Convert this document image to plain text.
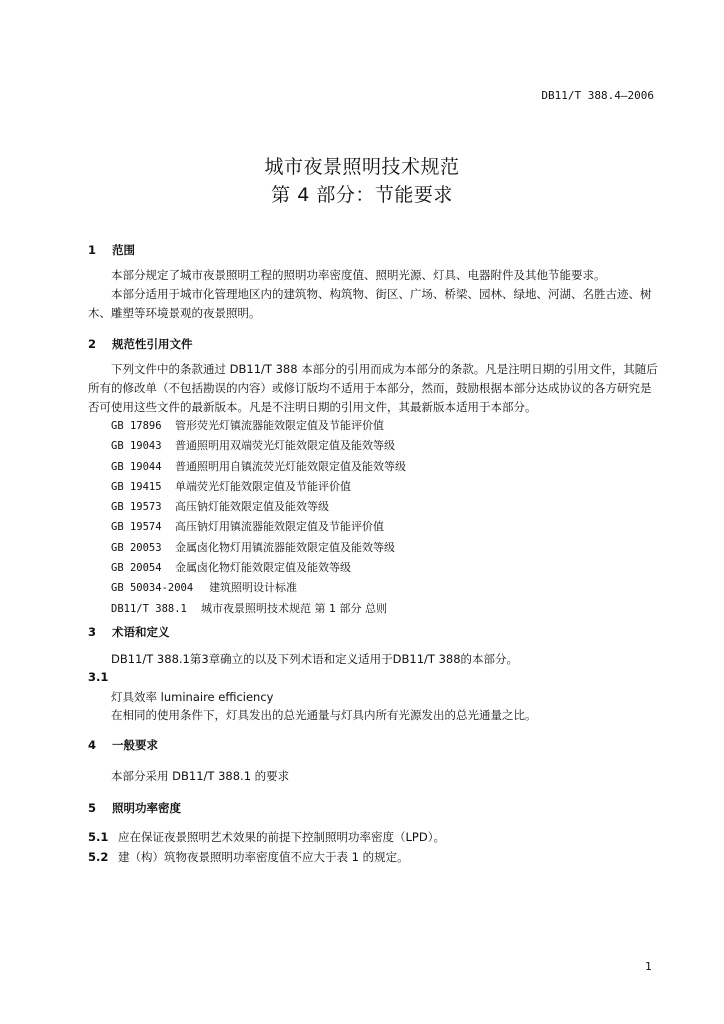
DB11/T 388.4—2006
城市夜景照明技术规范
第 4 部分：节能要求
1 范围

本部分规定了城市夜景照明工程的照明功率密度值、照明光源、灯具、电器附件及其他节能要求。

本部分适用于城市化管理地区内的建筑物、构筑物、街区、广场、桥梁、园林、绿地、河湖、名胜古迹、树木、雕塑等环境景观的夜景照明。

2 规范性引用文件

下列文件中的条款通过 DB11/T 388 本部分的引用而成为本部分的条款。凡是注明日期的引用文件，其随后所有的修改单（不包括勘误的内容）或修订版均不适用于本部分，然而，鼓励根据本部分达成协议的各方研究是否可使用这些文件的最新版本。凡是不注明日期的引用文件，其最新版本适用于本部分。

GB 17896 管形荧光灯镇流器能效限定值及节能评价值
GB 19043 普通照明用双端荧光灯能效限定值及能效等级
GB 19044 普通照明用自镇流荧光灯能效限定值及能效等级
GB 19415 单端荧光灯能效限定值及节能评价值
GB 19573 高压钠灯能效限定值及能效等级
GB 19574 高压钠灯用镇流器能效限定值及节能评价值
GB 20053 金属卤化物灯用镇流器能效限定值及能效等级
GB 20054 金属卤化物灯能效限定值及能效等级
GB 50034-2004 建筑照明设计标准
DB11/T 388.1 城市夜景照明技术规范 第 1 部分 总则
3 术语和定义
DB11/T 388.1第3章确立的以及下列术语和定义适用于DB11/T 388的本部分。
3.1
灯具效率 luminaire efficiency
在相同的使用条件下，灯具发出的总光通量与灯具内所有光源发出的总光通量之比。
4 一般要求
本部分采用 DB11/T 388.1 的要求
5 照明功率密度
5.1 应在保证夜景照明艺术效果的前提下控制照明功率密度（LPD）。
5.2 建（构）筑物夜景照明功率密度值不应大于表 1 的规定。
1
